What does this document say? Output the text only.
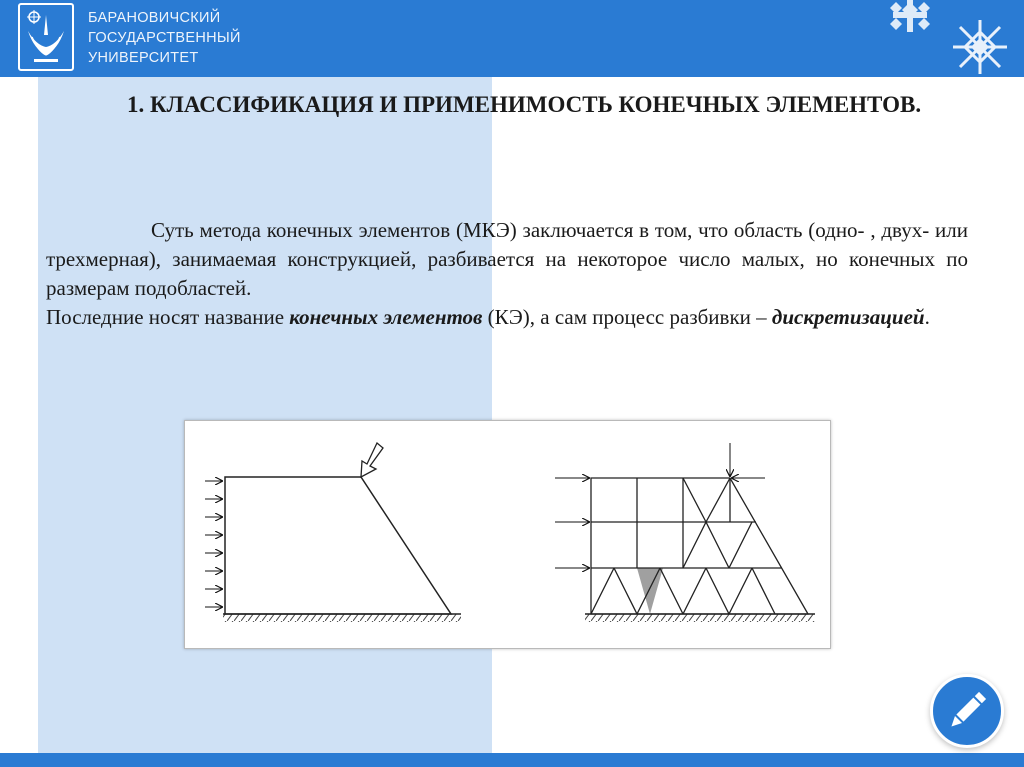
БАРАНОВИЧСКИЙ
ГОСУДАРСТВЕННЫЙ
УНИВЕРСИТЕТ
1. КЛАССИФИКАЦИЯ И ПРИМЕНИМОСТЬ КОНЕЧНЫХ ЭЛЕМЕНТОВ.

Суть метода конечных элементов (МКЭ) заключается в том, что область (одно- , двух- или трехмерная), занимаемая конструкцией, разбивается на некоторое число малых, но конечных по размерам подобластей.

Последние носят название конечных элементов (КЭ), а сам процесс разбивки – дискретизацией.
